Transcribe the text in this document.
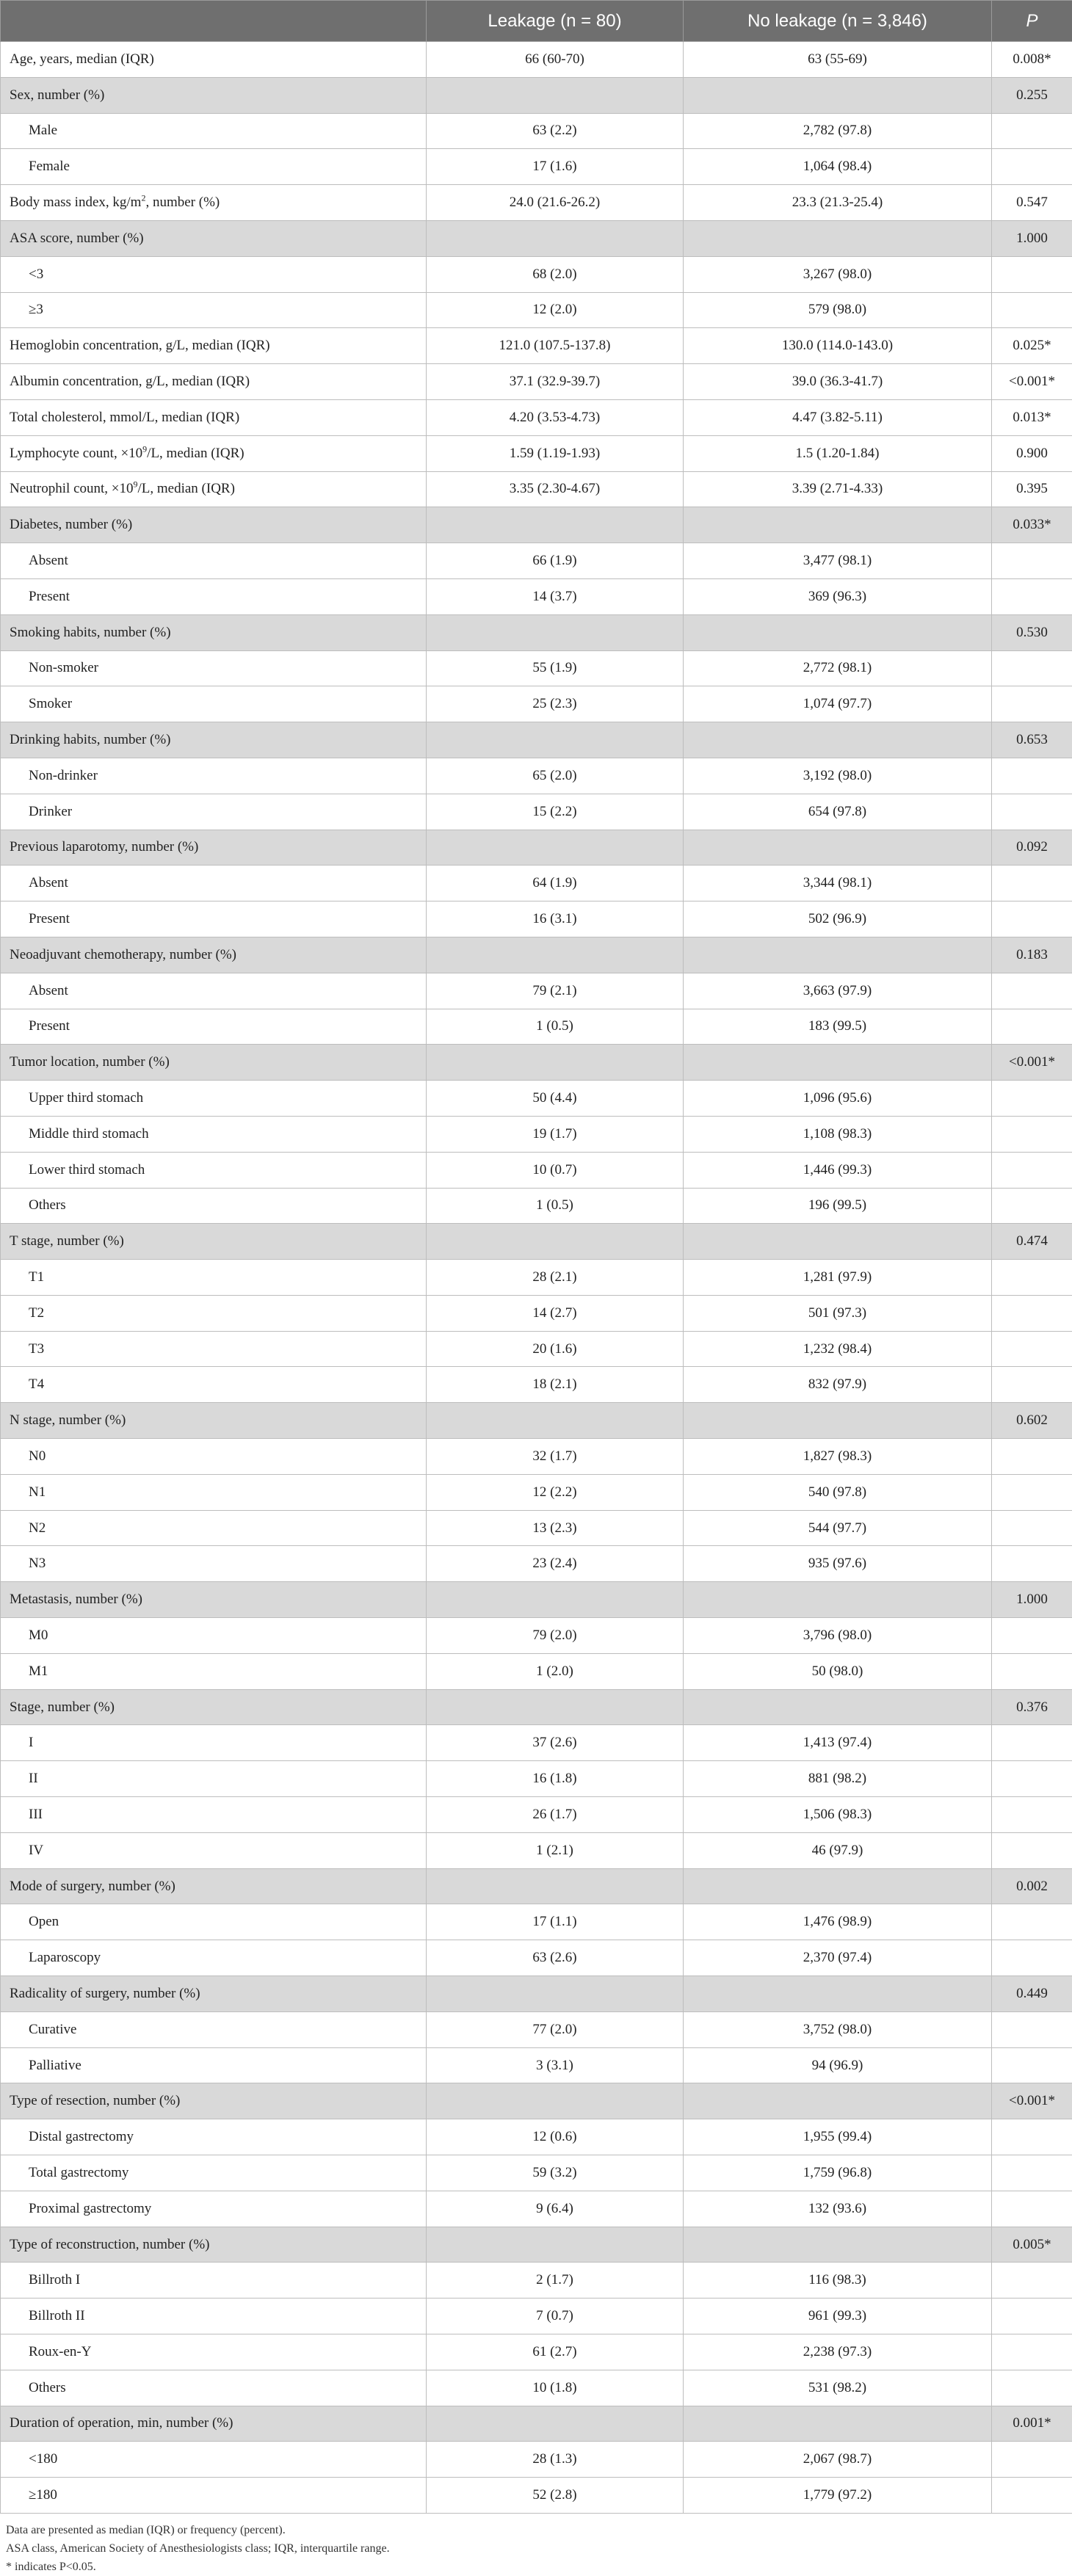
	Leakage (n = 80)	No leakage (n = 3,846)	P
Age, years, median (IQR)	66 (60-70)	63 (55-69)	0.008*
Sex, number (%)			0.255
Male	63 (2.2)	2,782 (97.8)	
Female	17 (1.6)	1,064 (98.4)	
Body mass index, $kg/m^2$, number (%)	24.0 (21.6-26.2)	23.3 (21.3-25.4)	0.547
ASA score, number (%)			1.000
<3	68 (2.0)	3,267 (98.0)	
≥3	12 (2.0)	579 (98.0)	
Hemoglobin concentration, g/L, median (IQR)	121.0 (107.5-137.8)	130.0 (114.0-143.0)	0.025*
Albumin concentration, g/L, median (IQR)	37.1 (32.9-39.7)	39.0 (36.3-41.7)	<0.001*
Total cholesterol, mmol/L, median (IQR)	4.20 (3.53-4.73)	4.47 (3.82-5.11)	0.013*
Lymphocyte count, $\times 10^9/L$, median (IQR)	1.59 (1.19-1.93)	1.5 (1.20-1.84)	0.900
Neutrophil count, $\times 10^9/L$, median (IQR)	3.35 (2.30-4.67)	3.39 (2.71-4.33)	0.395
Diabetes, number (%)			0.033*
Absent	66 (1.9)	3,477 (98.1)	
Present	14 (3.7)	369 (96.3)	
Smoking habits, number (%)			0.530
Non-smoker	55 (1.9)	2,772 (98.1)	
Smoker	25 (2.3)	1,074 (97.7)	
Drinking habits, number (%)			0.653
Non-drinker	65 (2.0)	3,192 (98.0)	
Drinker	15 (2.2)	654 (97.8)	
Previous laparotomy, number (%)			0.092
Absent	64 (1.9)	3,344 (98.1)	
Present	16 (3.1)	502 (96.9)	
Neoadjuvant chemotherapy, number (%)			0.183
Absent	79 (2.1)	3,663 (97.9)	
Present	1 (0.5)	183 (99.5)	
Tumor location, number (%)			<0.001*
Upper third stomach	50 (4.4)	1,096 (95.6)	
Middle third stomach	19 (1.7)	1,108 (98.3)	
Lower third stomach	10 (0.7)	1,446 (99.3)	
Others	1 (0.5)	196 (99.5)	
T stage, number (%)			0.474
T1	28 (2.1)	1,281 (97.9)	
T2	14 (2.7)	501 (97.3)	
T3	20 (1.6)	1,232 (98.4)	
T4	18 (2.1)	832 (97.9)	
N stage, number (%)			0.602
N0	32 (1.7)	1,827 (98.3)	
N1	12 (2.2)	540 (97.8)	
N2	13 (2.3)	544 (97.7)	
N3	23 (2.4)	935 (97.6)	
Metastasis, number (%)			1.000
M0	79 (2.0)	3,796 (98.0)	
M1	1 (2.0)	50 (98.0)	
Stage, number (%)			0.376
I	37 (2.6)	1,413 (97.4)	
II	16 (1.8)	881 (98.2)	
III	26 (1.7)	1,506 (98.3)	
IV	1 (2.1)	46 (97.9)	
Mode of surgery, number (%)			0.002
Open	17 (1.1)	1,476 (98.9)	
Laparoscopy	63 (2.6)	2,370 (97.4)	
Radicality of surgery, number (%)			0.449
Curative	77 (2.0)	3,752 (98.0)	
Palliative	3 (3.1)	94 (96.9)	
Type of resection, number (%)			<0.001*
Distal gastrectomy	12 (0.6)	1,955 (99.4)	
Total gastrectomy	59 (3.2)	1,759 (96.8)	
Proximal gastrectomy	9 (6.4)	132 (93.6)	
Type of reconstruction, number (%)			0.005*
Billroth I	2 (1.7)	116 (98.3)	
Billroth II	7 (0.7)	961 (99.3)	
Roux-en-Y	61 (2.7)	2,238 (97.3)	
Others	10 (1.8)	531 (98.2)	
Duration of operation, min, number (%)			0.001*
<180	28 (1.3)	2,067 (98.7)	
≥180	52 (2.8)	1,779 (97.2)	
Data are presented as median (IQR) or frequency (percent).
ASA class, American Society of Anesthesiologists class; IQR, interquartile range.
* indicates P<0.05.
